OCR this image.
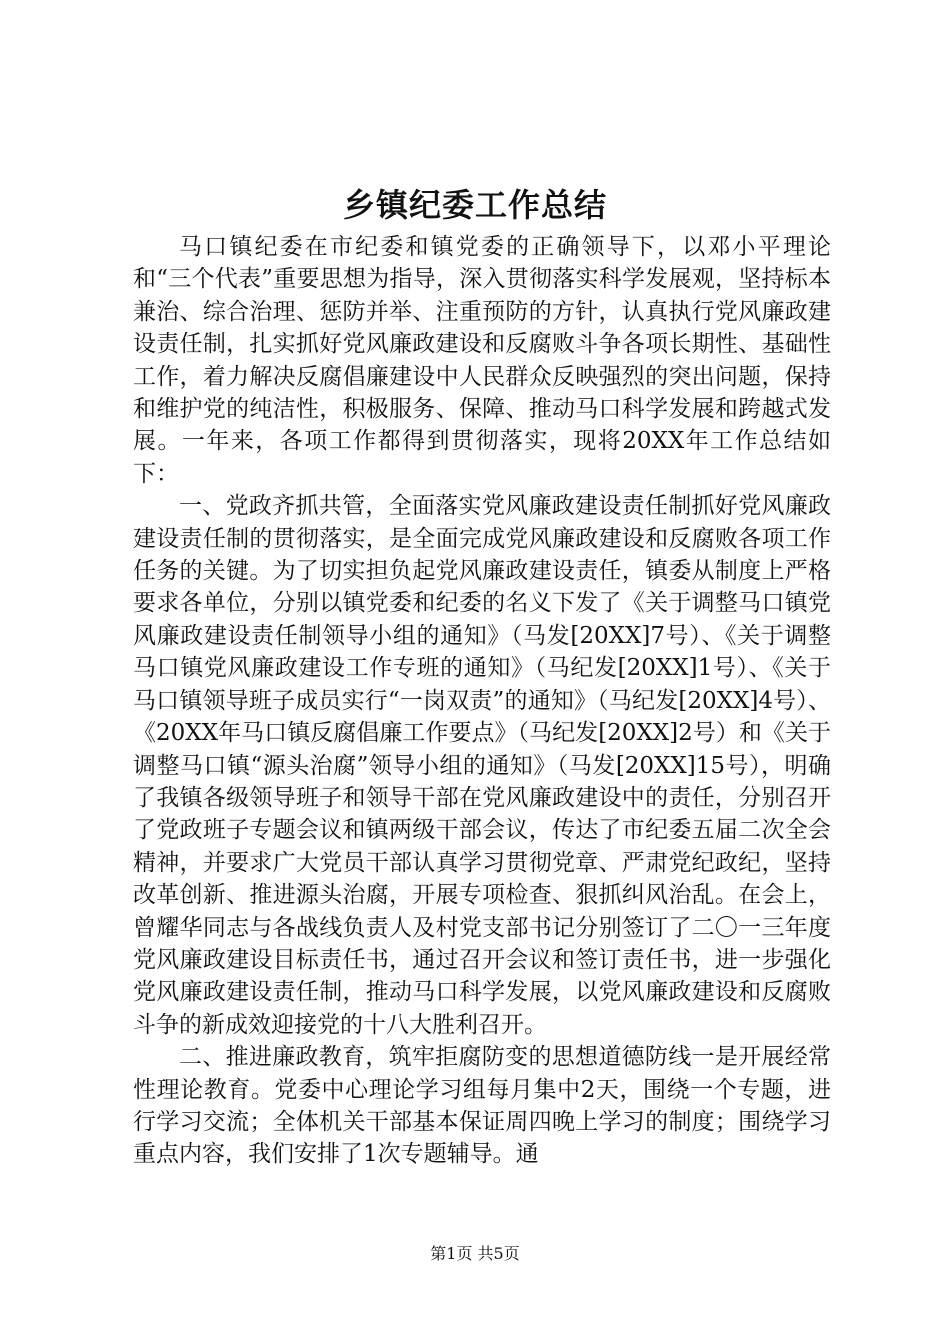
乡镇纪委工作总结

马口镇纪委在市纪委和镇党委的正确领导下，以邓小平理论和“三个代表”重要思想为指导，深入贯彻落实科学发展观，坚持标本兼治、综合治理、惩防并举、注重预防的方针，认真执行党风廉政建设责任制，扎实抓好党风廉政建设和反腐败斗争各项长期性、基础性工作，着力解决反腐倡廉建设中人民群众反映强烈的突出问题，保持和维护党的纯洁性，积极服务、保障、推动马口科学发展和跨越式发展。一年来，各项工作都得到贯彻落实，现将20XX年工作总结如下：

一、党政齐抓共管，全面落实党风廉政建设责任制抓好党风廉政建设责任制的贯彻落实，是全面完成党风廉政建设和反腐败各项工作任务的关键。为了切实担负起党风廉政建设责任，镇委从制度上严格要求各单位，分别以镇党委和纪委的名义下发了《关于调整马口镇党风廉政建设责任制领导小组的通知》（马发[20XX]7号）、《关于调整马口镇党风廉政建设工作专班的通知》（马纪发[20XX]1号）、《关于马口镇领导班子成员实行“一岗双责”的通知》（马纪发[20XX]4号）、《20XX年马口镇反腐倡廉工作要点》（马纪发[20XX]2号）和《关于调整马口镇“源头治腐”领导小组的通知》（马发[20XX]15号），明确了我镇各级领导班子和领导干部在党风廉政建设中的责任，分别召开了党政班子专题会议和镇两级干部会议，传达了市纪委五届二次全会精神，并要求广大党员干部认真学习贯彻党章、严肃党纪政纪，坚持改革创新、推进源头治腐，开展专项检查、狠抓纠风治乱。在会上，曾耀华同志与各战线负责人及村党支部书记分别签订了二〇一三年度党风廉政建设目标责任书，通过召开会议和签订责任书，进一步强化党风廉政建设责任制，推动马口科学发展，以党风廉政建设和反腐败斗争的新成效迎接党的十八大胜利召开。

二、推进廉政教育，筑牢拒腐防变的思想道德防线一是开展经常性理论教育。党委中心理论学习组每月集中2天，围绕一个专题，进行学习交流；全体机关干部基本保证周四晚上学习的制度；围绕学习重点内容，我们安排了1次专题辅导。通

第1页 共5页
